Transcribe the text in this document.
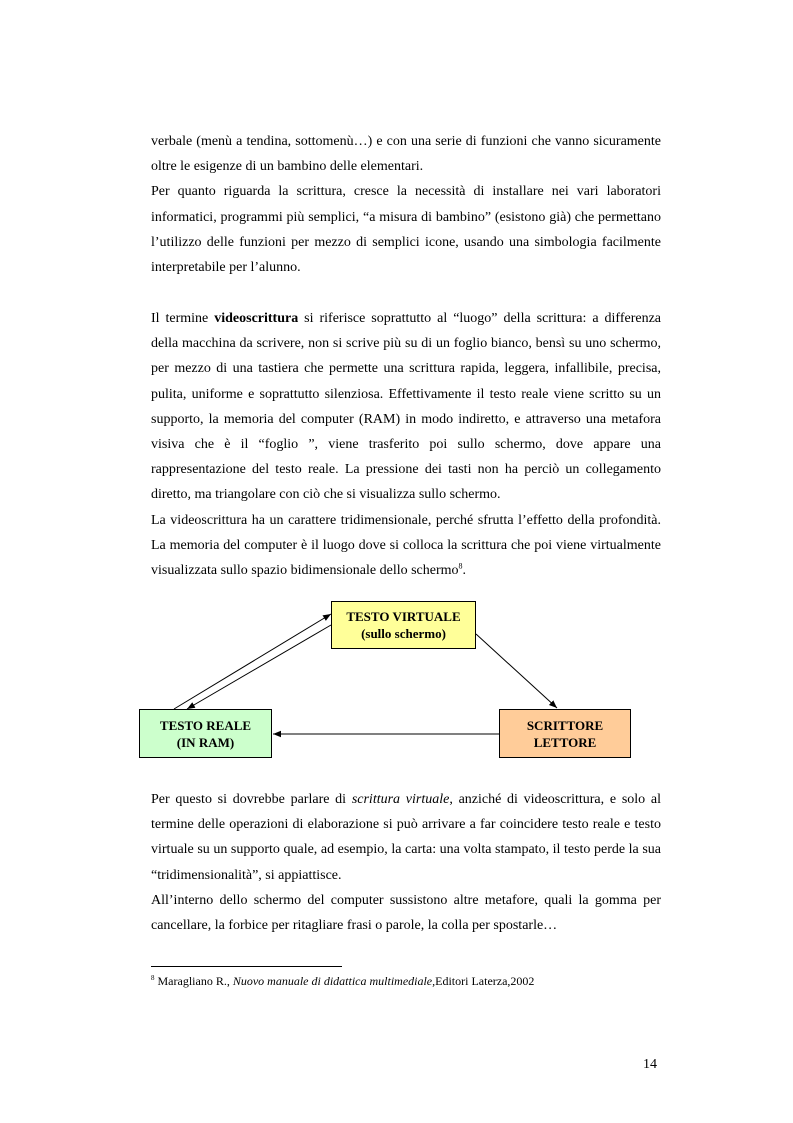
verbale (menù a tendina, sottomenù…) e con una serie di funzioni che vanno sicuramente oltre le esigenze di un bambino delle elementari.
Per quanto riguarda la scrittura, cresce la necessità di installare nei vari laboratori informatici, programmi più semplici, “a misura di bambino” (esistono già) che permettano l’utilizzo delle funzioni per mezzo di semplici icone, usando una simbologia facilmente interpretabile per l’alunno.

Il termine videoscrittura si riferisce soprattutto al “luogo” della scrittura: a differenza della macchina da scrivere, non si scrive più su di un foglio bianco, bensì su uno schermo, per mezzo di una tastiera che permette una scrittura rapida, leggera, infallibile, precisa, pulita, uniforme e soprattutto silenziosa. Effettivamente il testo reale viene scritto su un supporto, la memoria del computer (RAM) in modo indiretto, e attraverso una metafora visiva che è il “foglio ”, viene trasferito poi sullo schermo, dove appare una rappresentazione del testo reale. La pressione dei tasti non ha perciò un collegamento diretto, ma triangolare con ciò che si visualizza sullo schermo.
La videoscrittura ha un carattere tridimensionale, perché sfrutta l’effetto della profondità. La memoria del computer è il luogo dove si colloca la scrittura che poi viene virtualmente visualizzata sullo spazio bidimensionale dello schermo$^8$.

TESTO VIRTUALE
(sullo schermo)
TESTO REALE
(IN RAM)
SCRITTORE
LETTORE

Per questo si dovrebbe parlare di scrittura virtuale, anziché di videoscrittura, e solo al termine delle operazioni di elaborazione si può arrivare a far coincidere testo reale e testo virtuale su un supporto quale, ad esempio, la carta: una volta stampato, il testo perde la sua “tridimensionalità”, si appiattisce.
All’interno dello schermo del computer sussistono altre metafore, quali la gomma per cancellare, la forbice per ritagliare frasi o parole, la colla per spostarle…

$^8$ Maragliano R., Nuovo manuale di didattica multimediale,Editori Laterza,2002
14
